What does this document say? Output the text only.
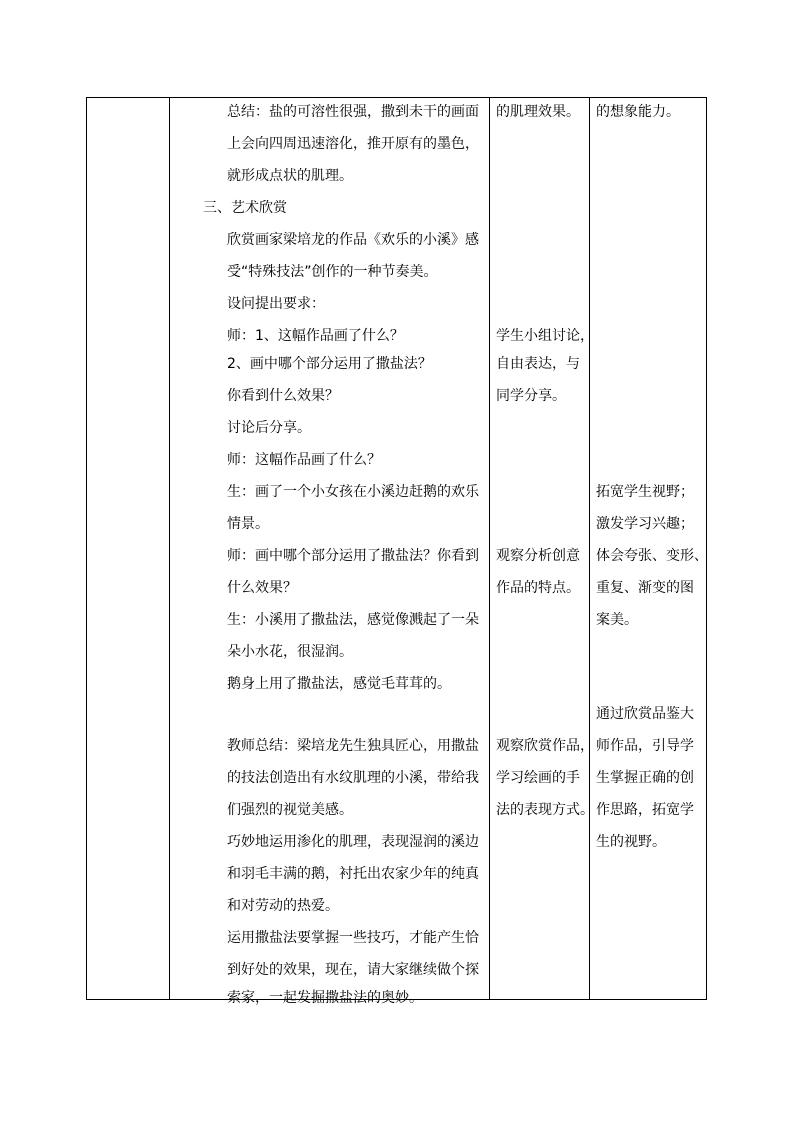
总结：盐的可溶性很强，撒到未干的画面
上会向四周迅速溶化，推开原有的墨色，
就形成点状的肌理。
三、艺术欣赏
欣赏画家梁培龙的作品《欢乐的小溪》感
受“特殊技法”创作的一种节奏美。
设问提出要求：
师：1、这幅作品画了什么？
2、画中哪个部分运用了撒盐法？
你看到什么效果？
讨论后分享。
师：这幅作品画了什么？
生：画了一个小女孩在小溪边赶鹅的欢乐
情景。
师：画中哪个部分运用了撒盐法？你看到
什么效果？
生：小溪用了撒盐法，感觉像溅起了一朵
朵小水花，很湿润。
鹅身上用了撒盐法，感觉毛茸茸的。
教师总结：梁培龙先生独具匠心，用撒盐
的技法创造出有水纹肌理的小溪，带给我
们强烈的视觉美感。
巧妙地运用渗化的肌理，表现湿润的溪边
和羽毛丰满的鹅，衬托出农家少年的纯真
和对劳动的热爱。
运用撒盐法要掌握一些技巧，才能产生恰
到好处的效果，现在，请大家继续做个探
索家，一起发掘撒盐法的奥妙。
的肌理效果。
学生小组讨论，
自由表达，与
同学分享。
观察分析创意
作品的特点。
观察欣赏作品，
学习绘画的手
法的表现方式。
的想象能力。
拓宽学生视野；
激发学习兴趣；
体会夸张、变形、
重复、渐变的图
案美。
通过欣赏品鉴大
师作品，引导学
生掌握正确的创
作思路，拓宽学
生的视野。
